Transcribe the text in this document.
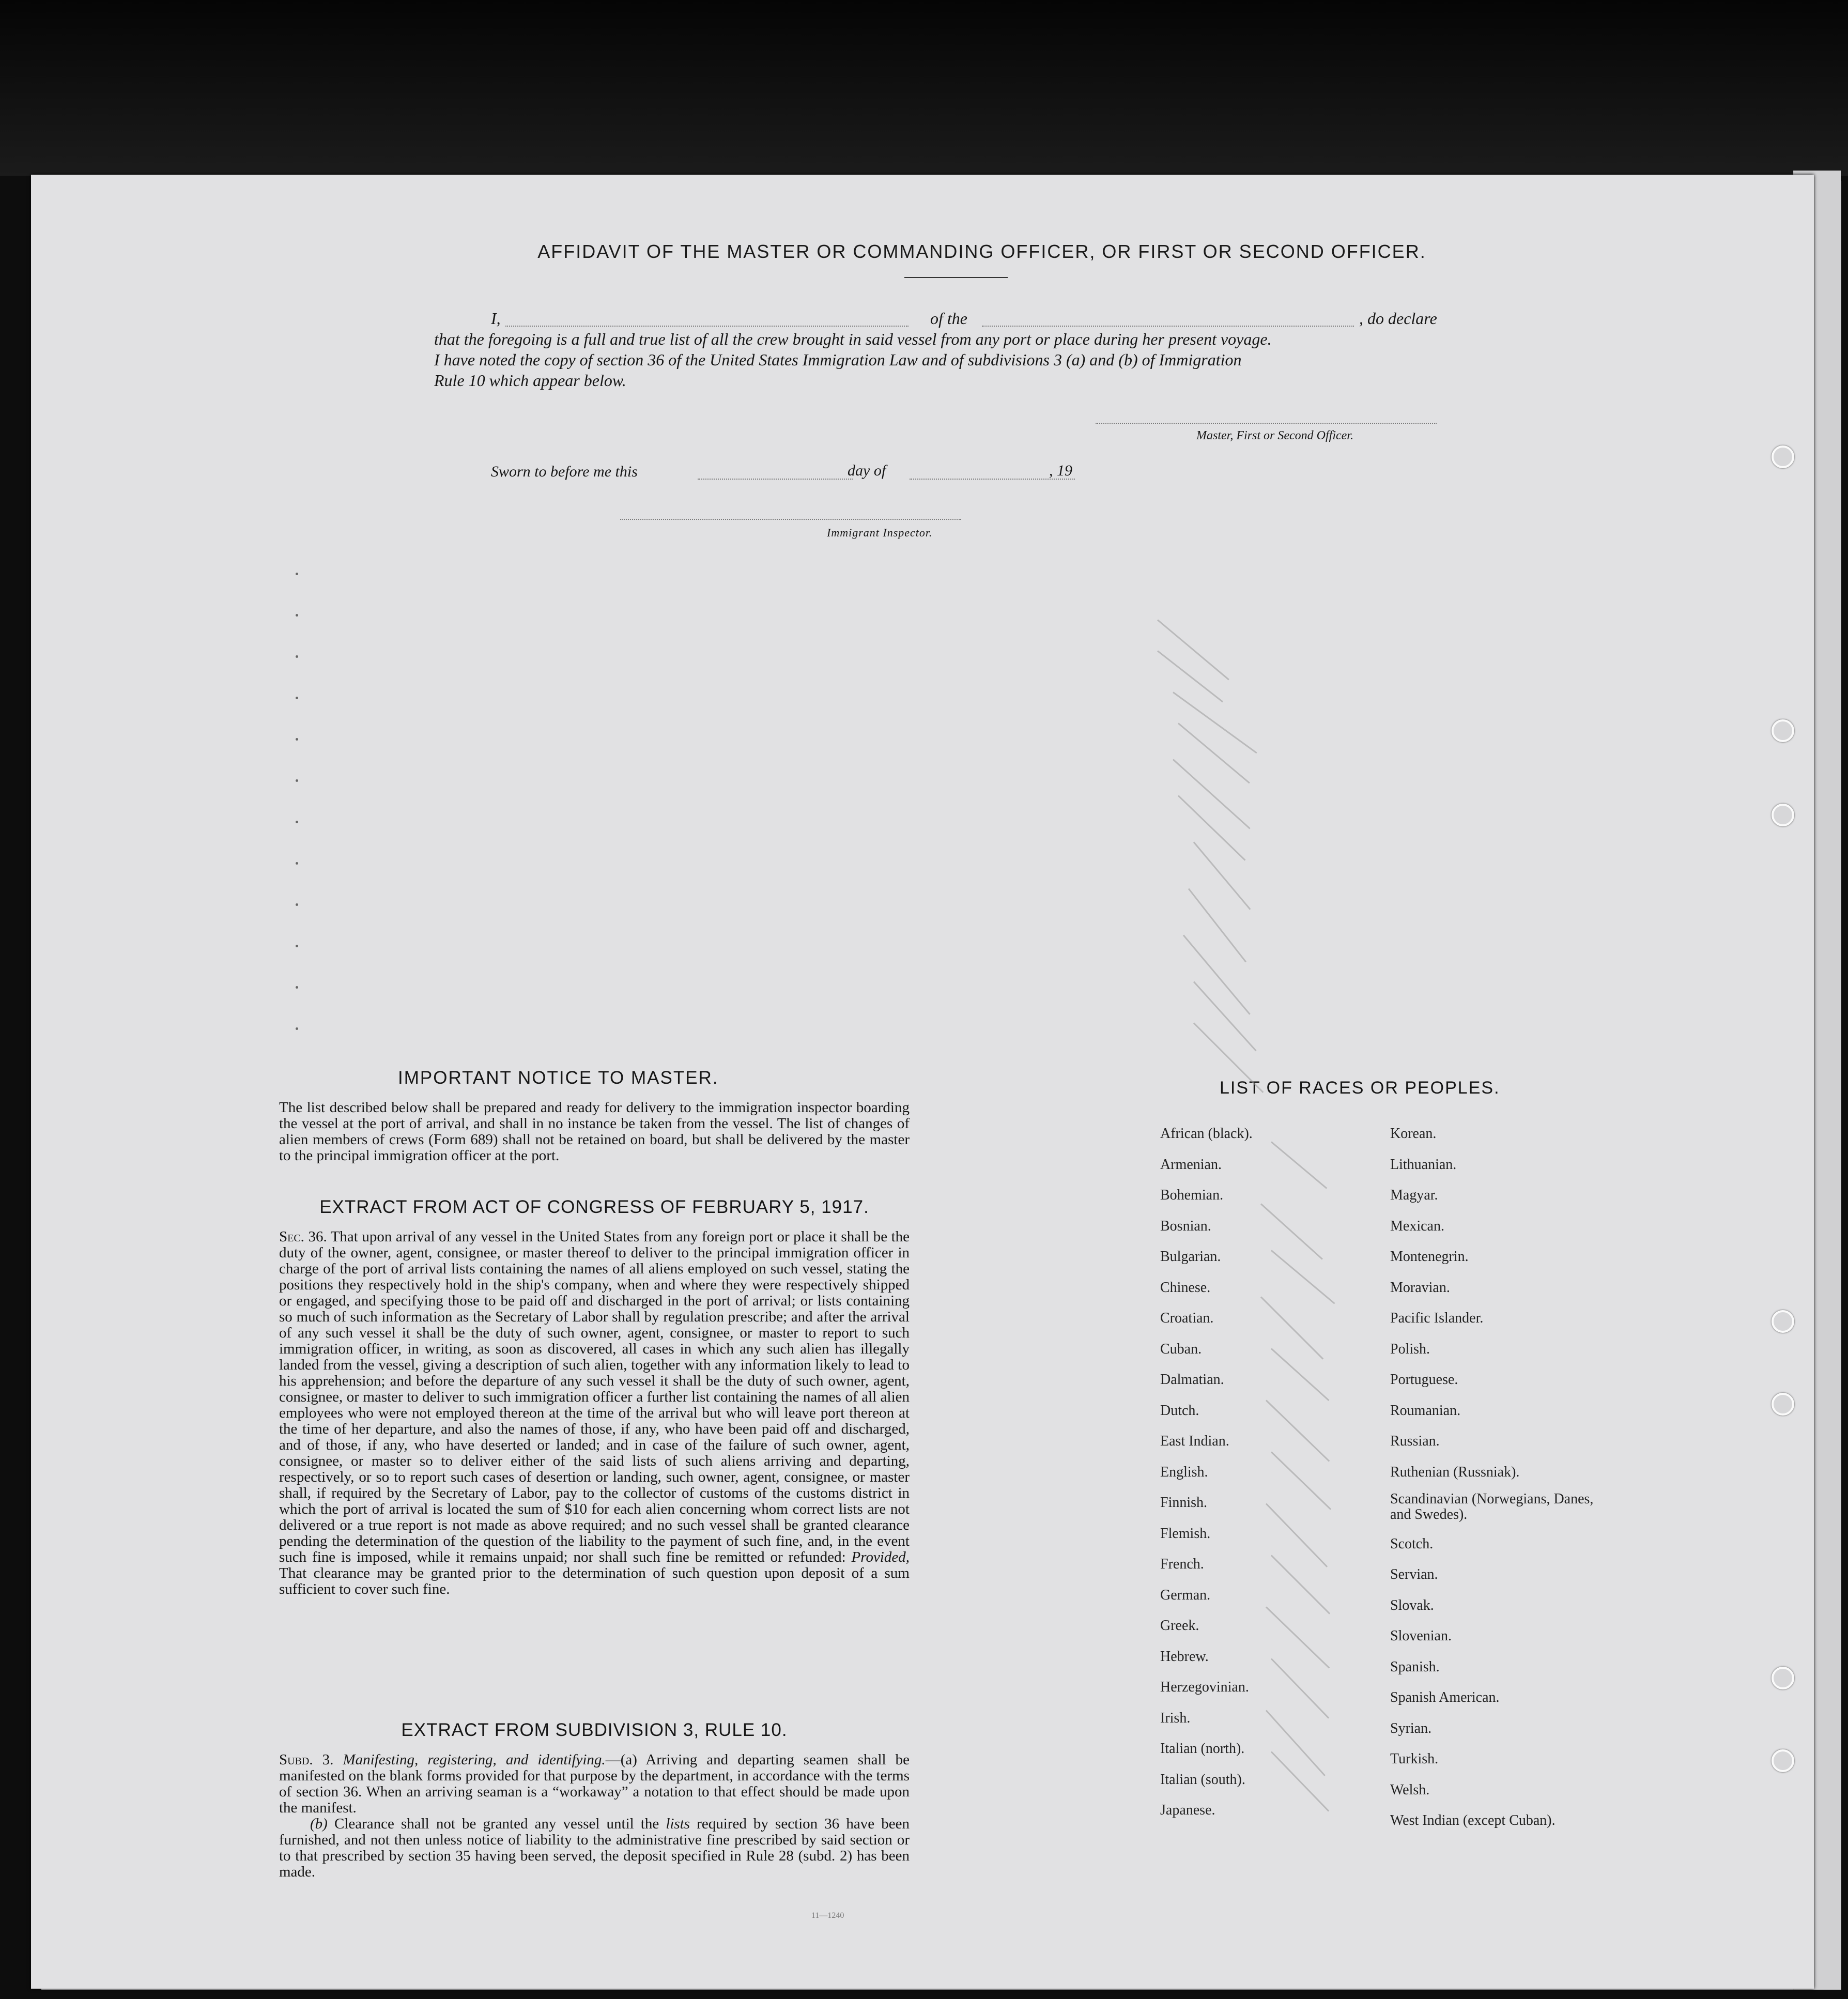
AFFIDAVIT OF THE MASTER OR COMMANDING OFFICER, OR FIRST OR SECOND OFFICER.
I,	of the	, do declare
that the foregoing is a full and true list of all the crew brought in said vessel from any port or place during her present voyage.
I have noted the copy of section 36 of the United States Immigration Law and of subdivisions 3 (a) and (b) of Immigration
Rule 10 which appear below.
Master, First or Second Officer.
Sworn to before me this	day of	, 19
Immigrant Inspector.
IMPORTANT NOTICE TO MASTER.
The list described below shall be prepared and ready for delivery to the immigration inspector boarding the vessel at the port of arrival, and shall in no instance be taken from the vessel. The list of changes of alien members of crews (Form 689) shall not be retained on board, but shall be delivered by the master to the principal immigration officer at the port.
EXTRACT FROM ACT OF CONGRESS OF FEBRUARY 5, 1917.
Sec. 36. That upon arrival of any vessel in the United States from any foreign port or place it shall be the duty of the owner, agent, consignee, or master thereof to deliver to the principal immigration officer in charge of the port of arrival lists containing the names of all aliens employed on such vessel, stating the positions they respectively hold in the ship's company, when and where they were respectively shipped or engaged, and specifying those to be paid off and discharged in the port of arrival; or lists containing so much of such information as the Secretary of Labor shall by regulation prescribe; and after the arrival of any such vessel it shall be the duty of such owner, agent, consignee, or master to report to such immigration officer, in writing, as soon as discovered, all cases in which any such alien has illegally landed from the vessel, giving a description of such alien, together with any information likely to lead to his apprehension; and before the departure of any such vessel it shall be the duty of such owner, agent, consignee, or master to deliver to such immigration officer a further list containing the names of all alien employees who were not employed thereon at the time of the arrival but who will leave port thereon at the time of her departure, and also the names of those, if any, who have been paid off and discharged, and of those, if any, who have deserted or landed; and in case of the failure of such owner, agent, consignee, or master so to deliver either of the said lists of such aliens arriving and departing, respectively, or so to report such cases of desertion or landing, such owner, agent, consignee, or master shall, if required by the Secretary of Labor, pay to the collector of customs of the customs district in which the port of arrival is located the sum of $10 for each alien concerning whom correct lists are not delivered or a true report is not made as above required; and no such vessel shall be granted clearance pending the determination of the question of the liability to the payment of such fine, and, in the event such fine is imposed, while it remains unpaid; nor shall such fine be remitted or refunded: Provided, That clearance may be granted prior to the determination of such question upon deposit of a sum sufficient to cover such fine.
EXTRACT FROM SUBDIVISION 3, RULE 10.
Subd. 3. Manifesting, registering, and identifying.—(a) Arriving and departing seamen shall be manifested on the blank forms provided for that purpose by the department, in accordance with the terms of section 36. When an arriving seaman is a “workaway” a notation to that effect should be made upon the manifest.
(b) Clearance shall not be granted any vessel until the lists required by section 36 have been furnished, and not then unless notice of liability to the administrative fine prescribed by said section or to that prescribed by section 35 having been served, the deposit specified in Rule 28 (subd. 2) has been made.
11—1240
LIST OF RACES OR PEOPLES.
African (black).
Armenian.
Bohemian.
Bosnian.
Bulgarian.
Chinese.
Croatian.
Cuban.
Dalmatian.
Dutch.
East Indian.
English.
Finnish.
Flemish.
French.
German.
Greek.
Hebrew.
Herzegovinian.
Irish.
Italian (north).
Italian (south).
Japanese.
Korean.
Lithuanian.
Magyar.
Mexican.
Montenegrin.
Moravian.
Pacific Islander.
Polish.
Portuguese.
Roumanian.
Russian.
Ruthenian (Russniak).
Scandinavian (Norwegians, Danes, and Swedes).
Scotch.
Servian.
Slovak.
Slovenian.
Spanish.
Spanish American.
Syrian.
Turkish.
Welsh.
West Indian (except Cuban).
